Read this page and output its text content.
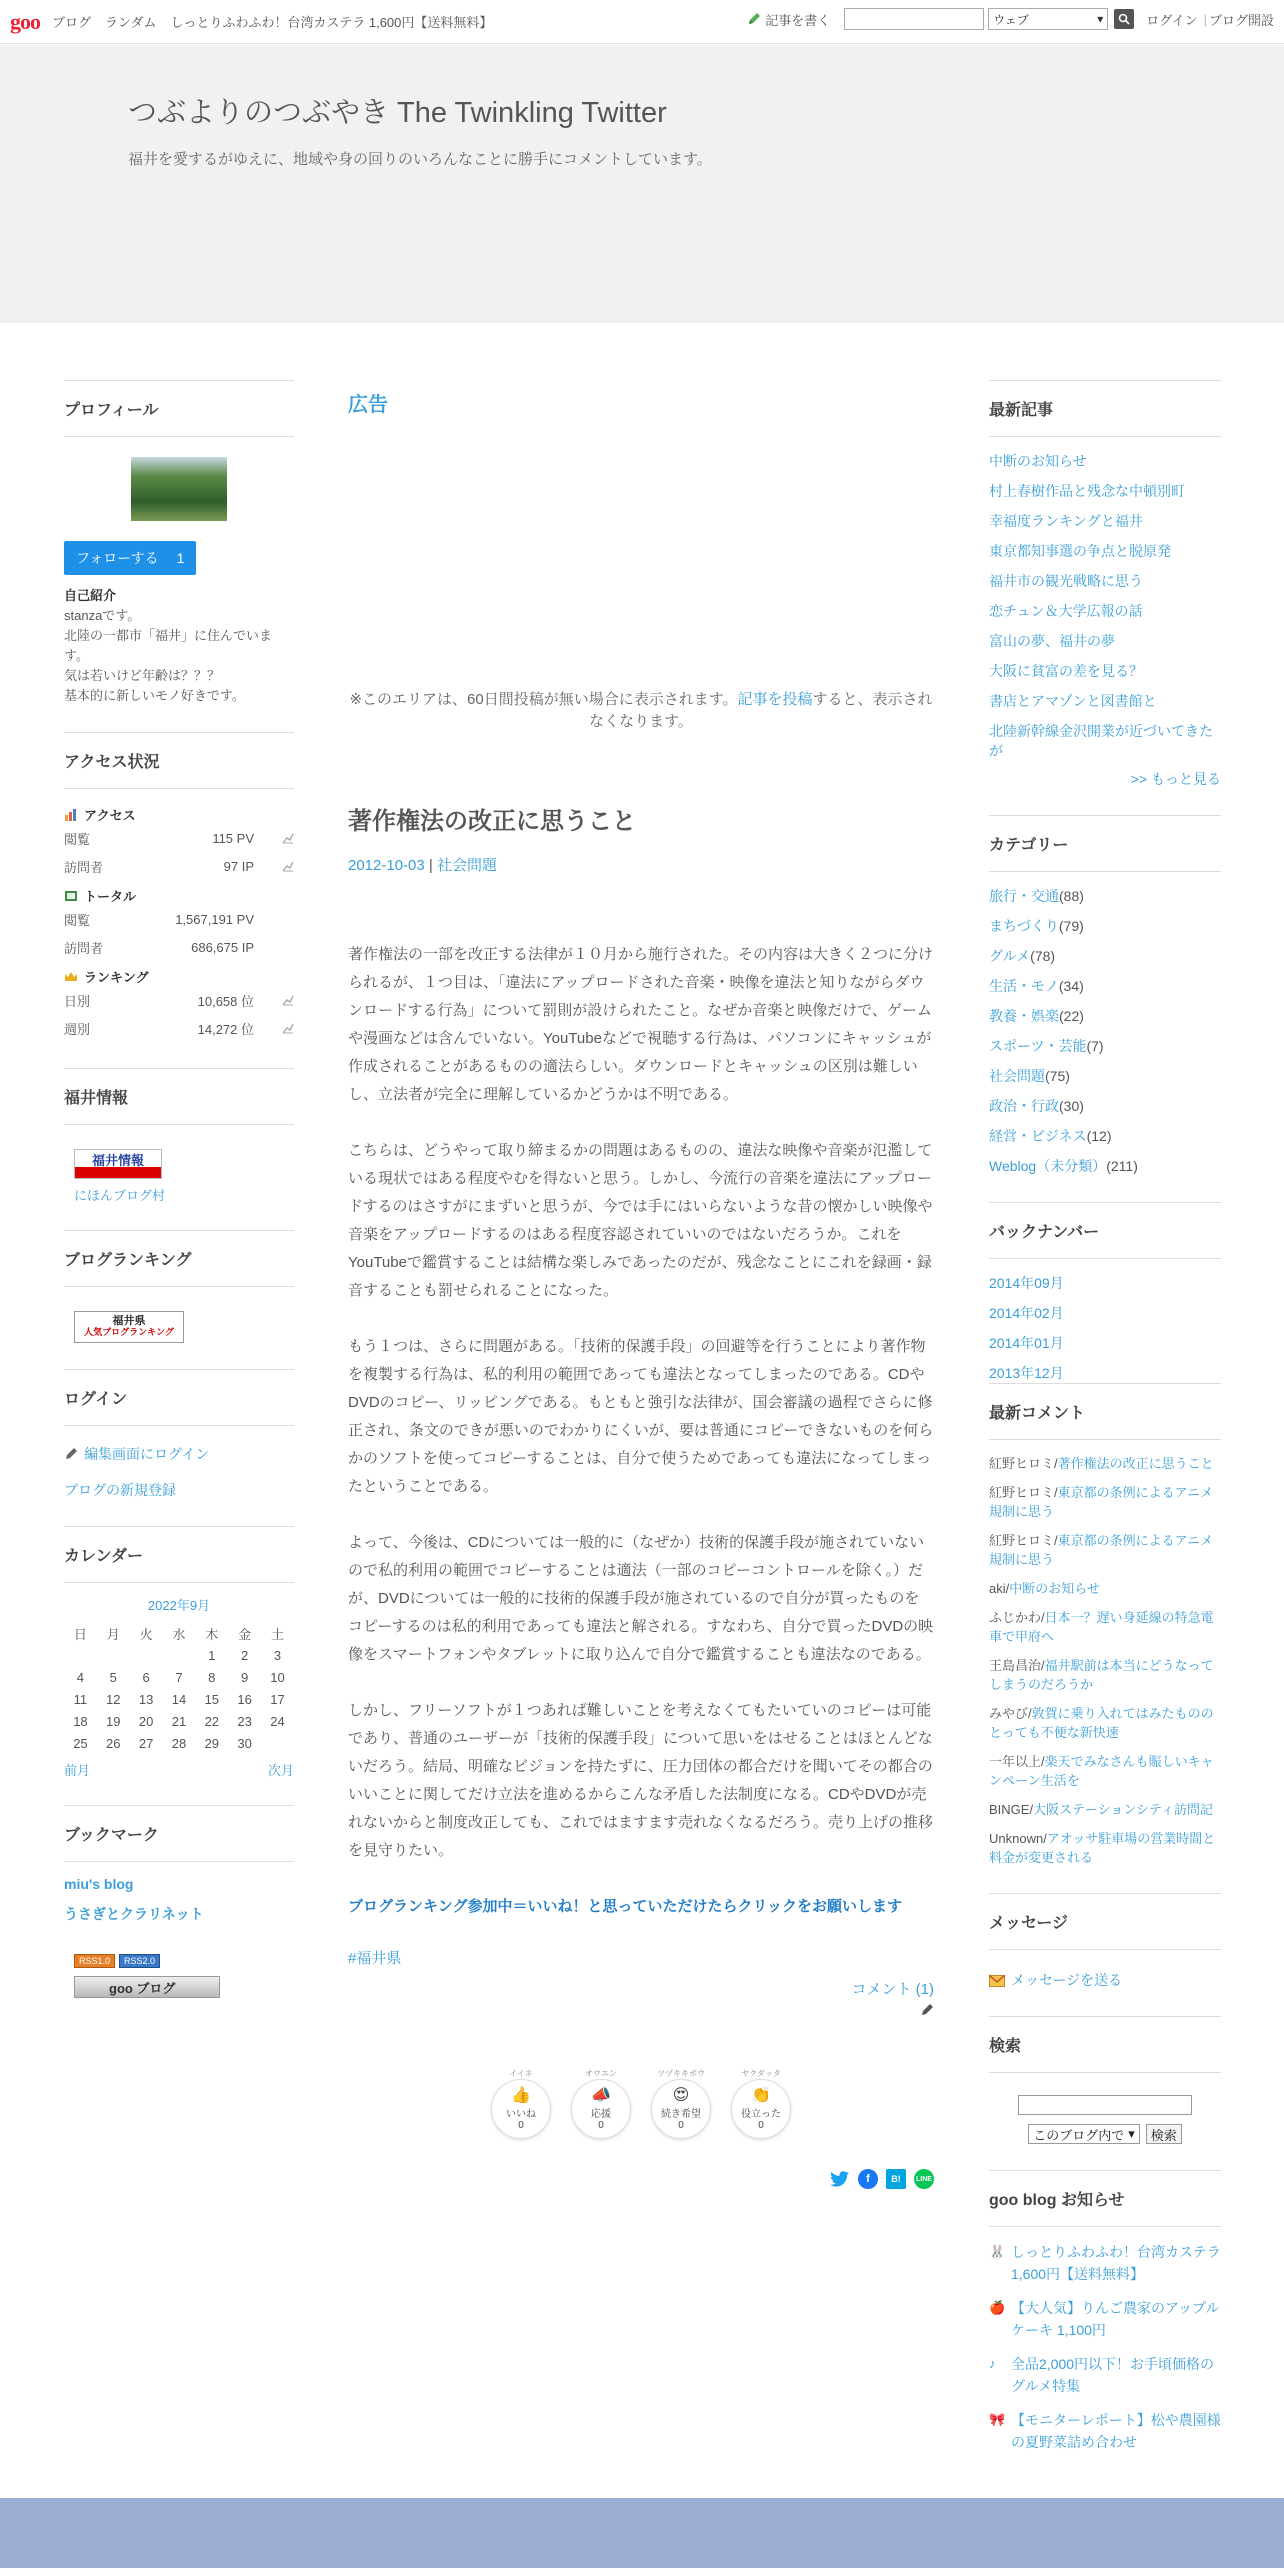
goo ブログ ランダム しっとりふわふわ！台湾カステラ 1,600円【送料無料】	記事を書く	ウェブ	▾	ログイン | ブログ開設
つぶよりのつぶやき The Twinkling Twitter
福井を愛するがゆえに、地域や身の回りのいろんなことに勝手にコメントしています。
プロフィール
フォローする 1
自己紹介
stanzaです。
北陸の一都市「福井」に住んでいます。
気は若いけど年齢は？？？
基本的に新しいモノ好きです。
アクセス状況
アクセス
閲覧	115 PV
訪問者	97 IP
トータル
閲覧	1,567,191 PV
訪問者	686,675 IP
ランキング
日別	10,658 位
週別	14,272 位
福井情報
福井情報
にほんブログ村
ブログランキング
福井県
人気ブログランキング
ログイン
編集画面にログイン
ブログの新規登録
カレンダー
2022年9月
日	月	火	水	木	金	土
				1	2	3
4	5	6	7	8	9	10
11	12	13	14	15	16	17
18	19	20	21	22	23	24
25	26	27	28	29	30	
前月	次月
ブックマーク
miu's blog
うさぎとクラリネット
RSS1.0	RSS2.0
goo ブログ
広告
※このエリアは、60日間投稿が無い場合に表示されます。記事を投稿すると、表示されなくなります。
著作権法の改正に思うこと
2012-10-03 | 社会問題

著作権法の一部を改正する法律が１０月から施行された。その内容は大きく２つに分けられるが、１つ目は、「違法にアップロードされた音楽・映像を違法と知りながらダウンロードする行為」について罰則が設けられたこと。なぜか音楽と映像だけで、ゲームや漫画などは含んでいない。YouTubeなどで視聴する行為は、パソコンにキャッシュが作成されることがあるものの適法らしい。ダウンロードとキャッシュの区別は難しいし、立法者が完全に理解しているかどうかは不明である。

こちらは、どうやって取り締まるかの問題はあるものの、違法な映像や音楽が氾濫している現状ではある程度やむを得ないと思う。しかし、今流行の音楽を違法にアップロードするのはさすがにまずいと思うが、今では手にはいらないような昔の懐かしい映像や音楽をアップロードするのはある程度容認されていいのではないだろうか。これをYouTubeで鑑賞することは結構な楽しみであったのだが、残念なことにこれを録画・録音することも罰せられることになった。

もう１つは、さらに問題がある。「技術的保護手段」の回避等を行うことにより著作物を複製する行為は、私的利用の範囲であっても違法となってしまったのである。CDやDVDのコピー、リッピングである。もともと強引な法律が、国会審議の過程でさらに修正され、条文のできが悪いのでわかりにくいが、要は普通にコピーできないものを何らかのソフトを使ってコピーすることは、自分で使うためであっても違法になってしまったということである。

よって、今後は、CDについては一般的に（なぜか）技術的保護手段が施されていないので私的利用の範囲でコピーすることは適法（一部のコピーコントロールを除く。）だが、DVDについては一般的に技術的保護手段が施されているので自分が買ったものをコピーするのは私的利用であっても違法と解される。すなわち、自分で買ったDVDの映像をスマートフォンやタブレットに取り込んで自分で鑑賞することも違法なのである。

しかし、フリーソフトが１つあれば難しいことを考えなくてもたいていのコピーは可能であり、普通のユーザーが「技術的保護手段」について思いをはせることはほとんどないだろう。結局、明確なビジョンを持たずに、圧力団体の都合だけを聞いてその都合のいいことに関してだけ立法を進めるからこんな矛盾した法制度になる。CDやDVDが売れないからと制度改正しても、これではますます売れなくなるだろう。売り上げの推移を見守りたい。

ブログランキング参加中＝いいね！と思っていただけたらクリックをお願いします
#福井県
コメント (1)
イイネ
👍
いいね
0
オウエン
📣
応援
0
ツヅキキボウ
😍
続き希望
0
ヤクダッタ
👏
役立った
0
f	B!	LINE
最新記事
中断のお知らせ
村上春樹作品と残念な中頓別町
幸福度ランキングと福井
東京都知事選の争点と脱原発
福井市の観光戦略に思う
恋チュン＆大学広報の話
富山の夢、福井の夢
大阪に貧富の差を見る？
書店とアマゾンと図書館と
北陸新幹線金沢開業が近づいてきたが
>> もっと見る
カテゴリー
旅行・交通(88)
まちづくり(79)
グルメ(78)
生活・モノ(34)
教養・娯楽(22)
スポーツ・芸能(7)
社会問題(75)
政治・行政(30)
経営・ビジネス(12)
Weblog（未分類）(211)
バックナンバー
2014年09月
2014年02月
2014年01月
2013年12月
最新コメント
紅野ヒロミ/著作権法の改正に思うこと
紅野ヒロミ/東京都の条例によるアニメ規制に思う
紅野ヒロミ/東京都の条例によるアニメ規制に思う
aki/中断のお知らせ
ふじかわ/日本一？遅い身延線の特急電車で甲府へ
王島昌治/福井駅前は本当にどうなってしまうのだろうか
みやび/敦賀に乗り入れてはみたもののとっても不便な新快速
一年以上/楽天でみなさんも賑しいキャンペーン生活を
BINGE/大阪ステーションシティ訪問記
Unknown/アオッサ駐車場の営業時間と料金が変更される
メッセージ
メッセージを送る
検索
このブログ内で ▾	検索
goo blog お知らせ
🐰 しっとりふわふわ！台湾カステラ1,600円【送料無料】
🍎 【大人気】りんご農家のアップルケーキ 1,100円
♪	全品2,000円以下！お手頃価格のグルメ特集
🎀 【モニターレポート】松や農園様の夏野菜詰め合わせ
